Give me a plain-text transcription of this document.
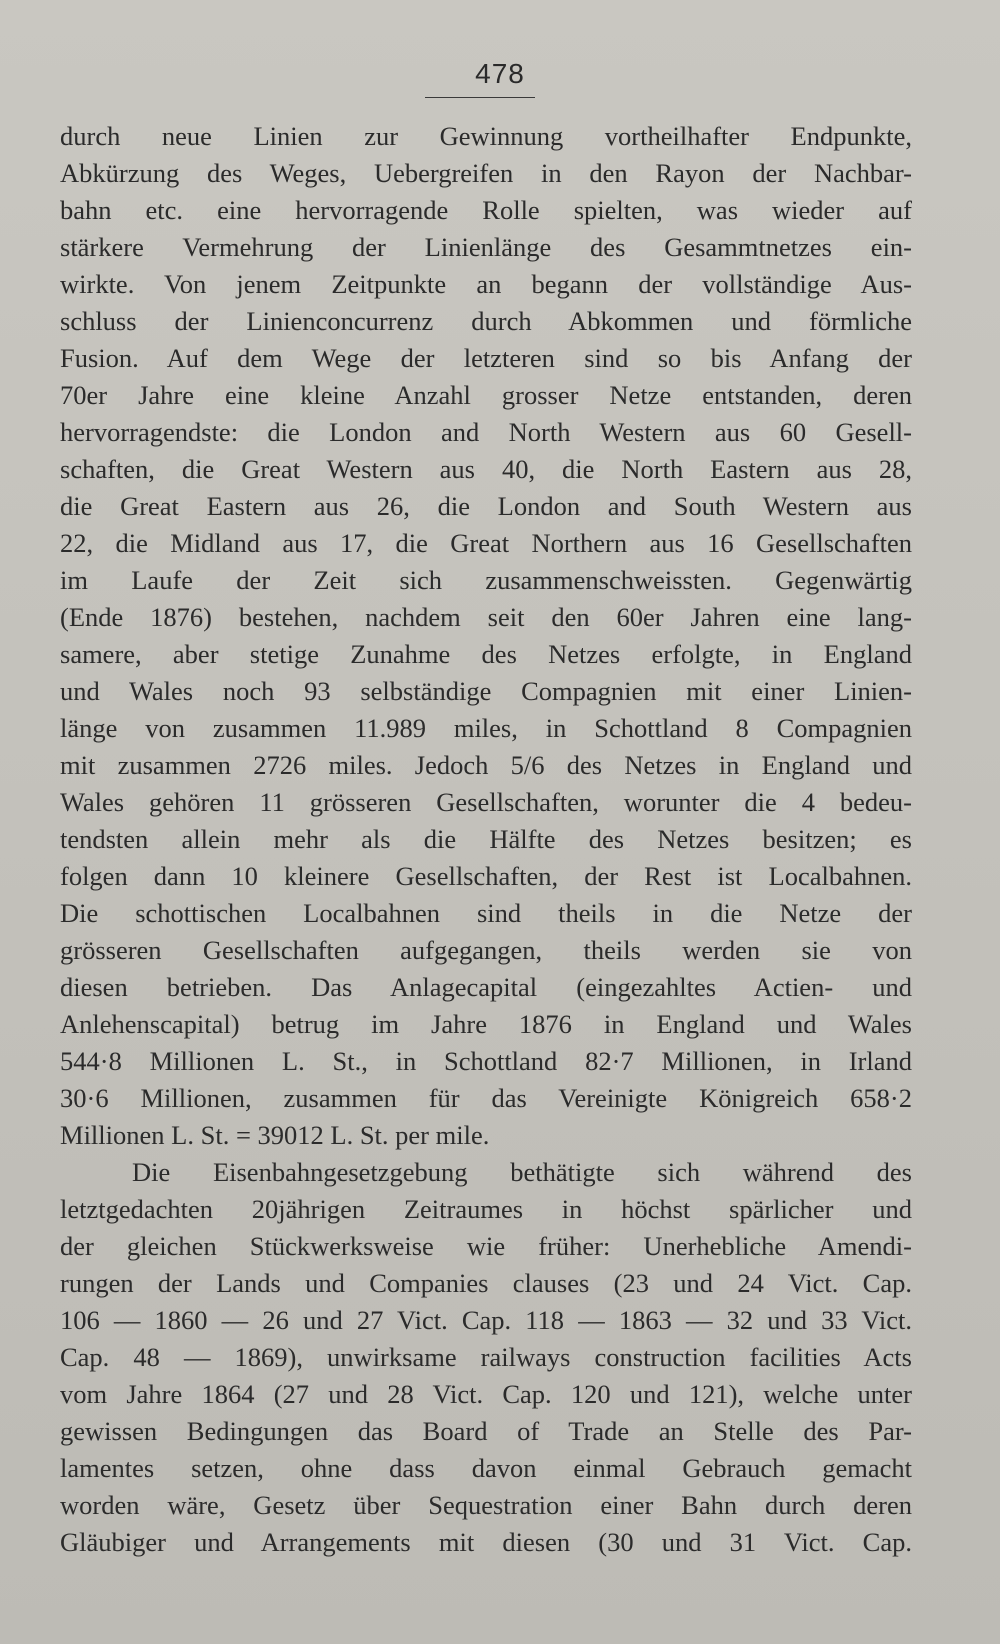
478
durch neue Linien zur Gewinnung vortheilhafter Endpunkte,
Abkürzung des Weges, Uebergreifen in den Rayon der Nachbar-
bahn etc. eine hervorragende Rolle spielten, was wieder auf
stärkere Vermehrung der Linienlänge des Gesammtnetzes ein-
wirkte. Von jenem Zeitpunkte an begann der vollständige Aus-
schluss der Linienconcurrenz durch Abkommen und förmliche
Fusion. Auf dem Wege der letzteren sind so bis Anfang der
70er Jahre eine kleine Anzahl grosser Netze entstanden, deren
hervorragendste: die London and North Western aus 60 Gesell-
schaften, die Great Western aus 40, die North Eastern aus 28,
die Great Eastern aus 26, die London and South Western aus
22, die Midland aus 17, die Great Northern aus 16 Gesellschaften
im Laufe der Zeit sich zusammenschweissten. Gegenwärtig
(Ende 1876) bestehen, nachdem seit den 60er Jahren eine lang-
samere, aber stetige Zunahme des Netzes erfolgte, in England
und Wales noch 93 selbständige Compagnien mit einer Linien-
länge von zusammen 11.989 miles, in Schottland 8 Compagnien
mit zusammen 2726 miles. Jedoch 5/6 des Netzes in England und
Wales gehören 11 grösseren Gesellschaften, worunter die 4 bedeu-
tendsten allein mehr als die Hälfte des Netzes besitzen; es
folgen dann 10 kleinere Gesellschaften, der Rest ist Localbahnen.
Die schottischen Localbahnen sind theils in die Netze der
grösseren Gesellschaften aufgegangen, theils werden sie von
diesen betrieben. Das Anlagecapital (eingezahltes Actien- und
Anlehenscapital) betrug im Jahre 1876 in England und Wales
544·8 Millionen L. St., in Schottland 82·7 Millionen, in Irland
30·6 Millionen, zusammen für das Vereinigte Königreich 658·2
Millionen L. St. = 39012 L. St. per mile.
Die Eisenbahngesetzgebung bethätigte sich während des
letztgedachten 20jährigen Zeitraumes in höchst spärlicher und
der gleichen Stückwerksweise wie früher: Unerhebliche Amendi-
rungen der Lands und Companies clauses (23 und 24 Vict. Cap.
106 — 1860 — 26 und 27 Vict. Cap. 118 — 1863 — 32 und 33 Vict.
Cap. 48 — 1869), unwirksame railways construction facilities Acts
vom Jahre 1864 (27 und 28 Vict. Cap. 120 und 121), welche unter
gewissen Bedingungen das Board of Trade an Stelle des Par-
lamentes setzen, ohne dass davon einmal Gebrauch gemacht
worden wäre, Gesetz über Sequestration einer Bahn durch deren
Gläubiger und Arrangements mit diesen (30 und 31 Vict. Cap.
